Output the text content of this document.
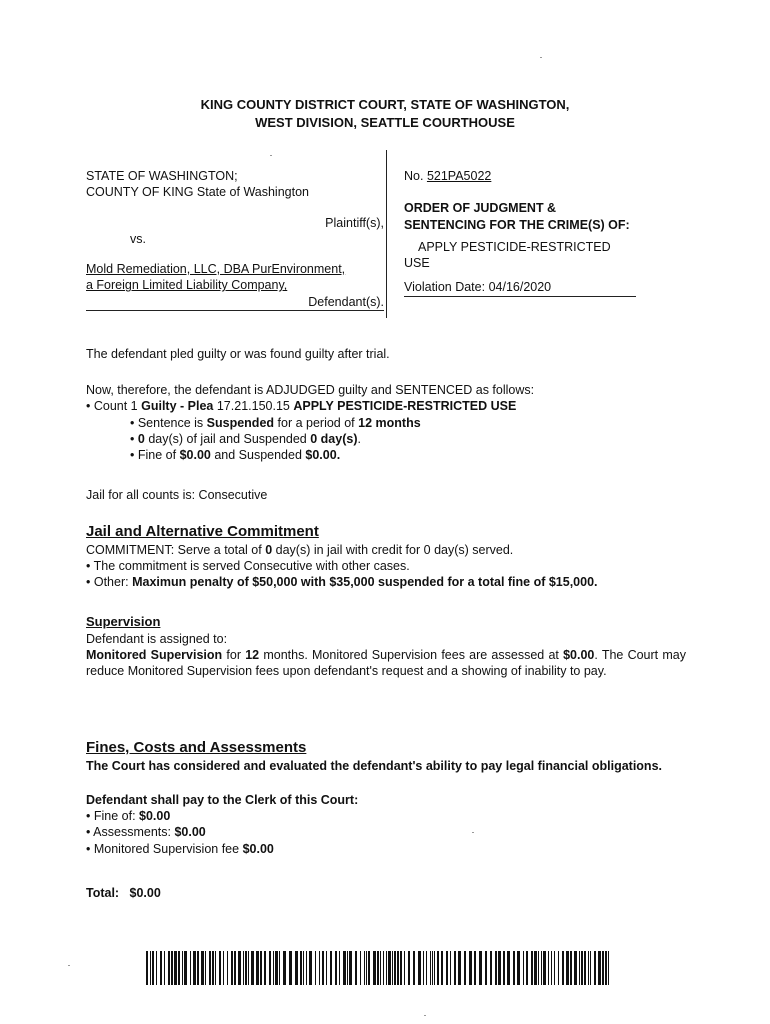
KING COUNTY DISTRICT COURT, STATE OF WASHINGTON,
WEST DIVISION, SEATTLE COURTHOUSE
STATE OF WASHINGTON;
COUNTY OF KING State of Washington
Plaintiff(s),
vs.
Mold Remediation, LLC, DBA PurEnvironment,
a Foreign Limited Liability Company,
Defendant(s).
No. 521PA5022
ORDER OF JUDGMENT &
SENTENCING FOR THE CRIME(S) OF:
APPLY PESTICIDE-RESTRICTED
USE
Violation Date: 04/16/2020
The defendant pled guilty or was found guilty after trial.
Now, therefore, the defendant is ADJUDGED guilty and SENTENCED as follows:
• Count 1 Guilty - Plea 17.21.150.15 APPLY PESTICIDE-RESTRICTED USE
• Sentence is Suspended for a period of 12 months
• 0 day(s) of jail and Suspended 0 day(s).
• Fine of $0.00 and Suspended $0.00.
Jail for all counts is: Consecutive
Jail and Alternative Commitment
COMMITMENT: Serve a total of 0 day(s) in jail with credit for 0 day(s) served.
• The commitment is served Consecutive with other cases.
• Other: Maximun penalty of $50,000 with $35,000 suspended for a total fine of $15,000.
Supervision
Defendant is assigned to:
Monitored Supervision for 12 months. Monitored Supervision fees are assessed at $0.00. The Court may reduce Monitored Supervision fees upon defendant's request and a showing of inability to pay.
Fines, Costs and Assessments
The Court has considered and evaluated the defendant's ability to pay legal financial obligations.
Defendant shall pay to the Clerk of this Court:
• Fine of: $0.00
• Assessments: $0.00
• Monitored Supervision fee $0.00
Total: $0.00
